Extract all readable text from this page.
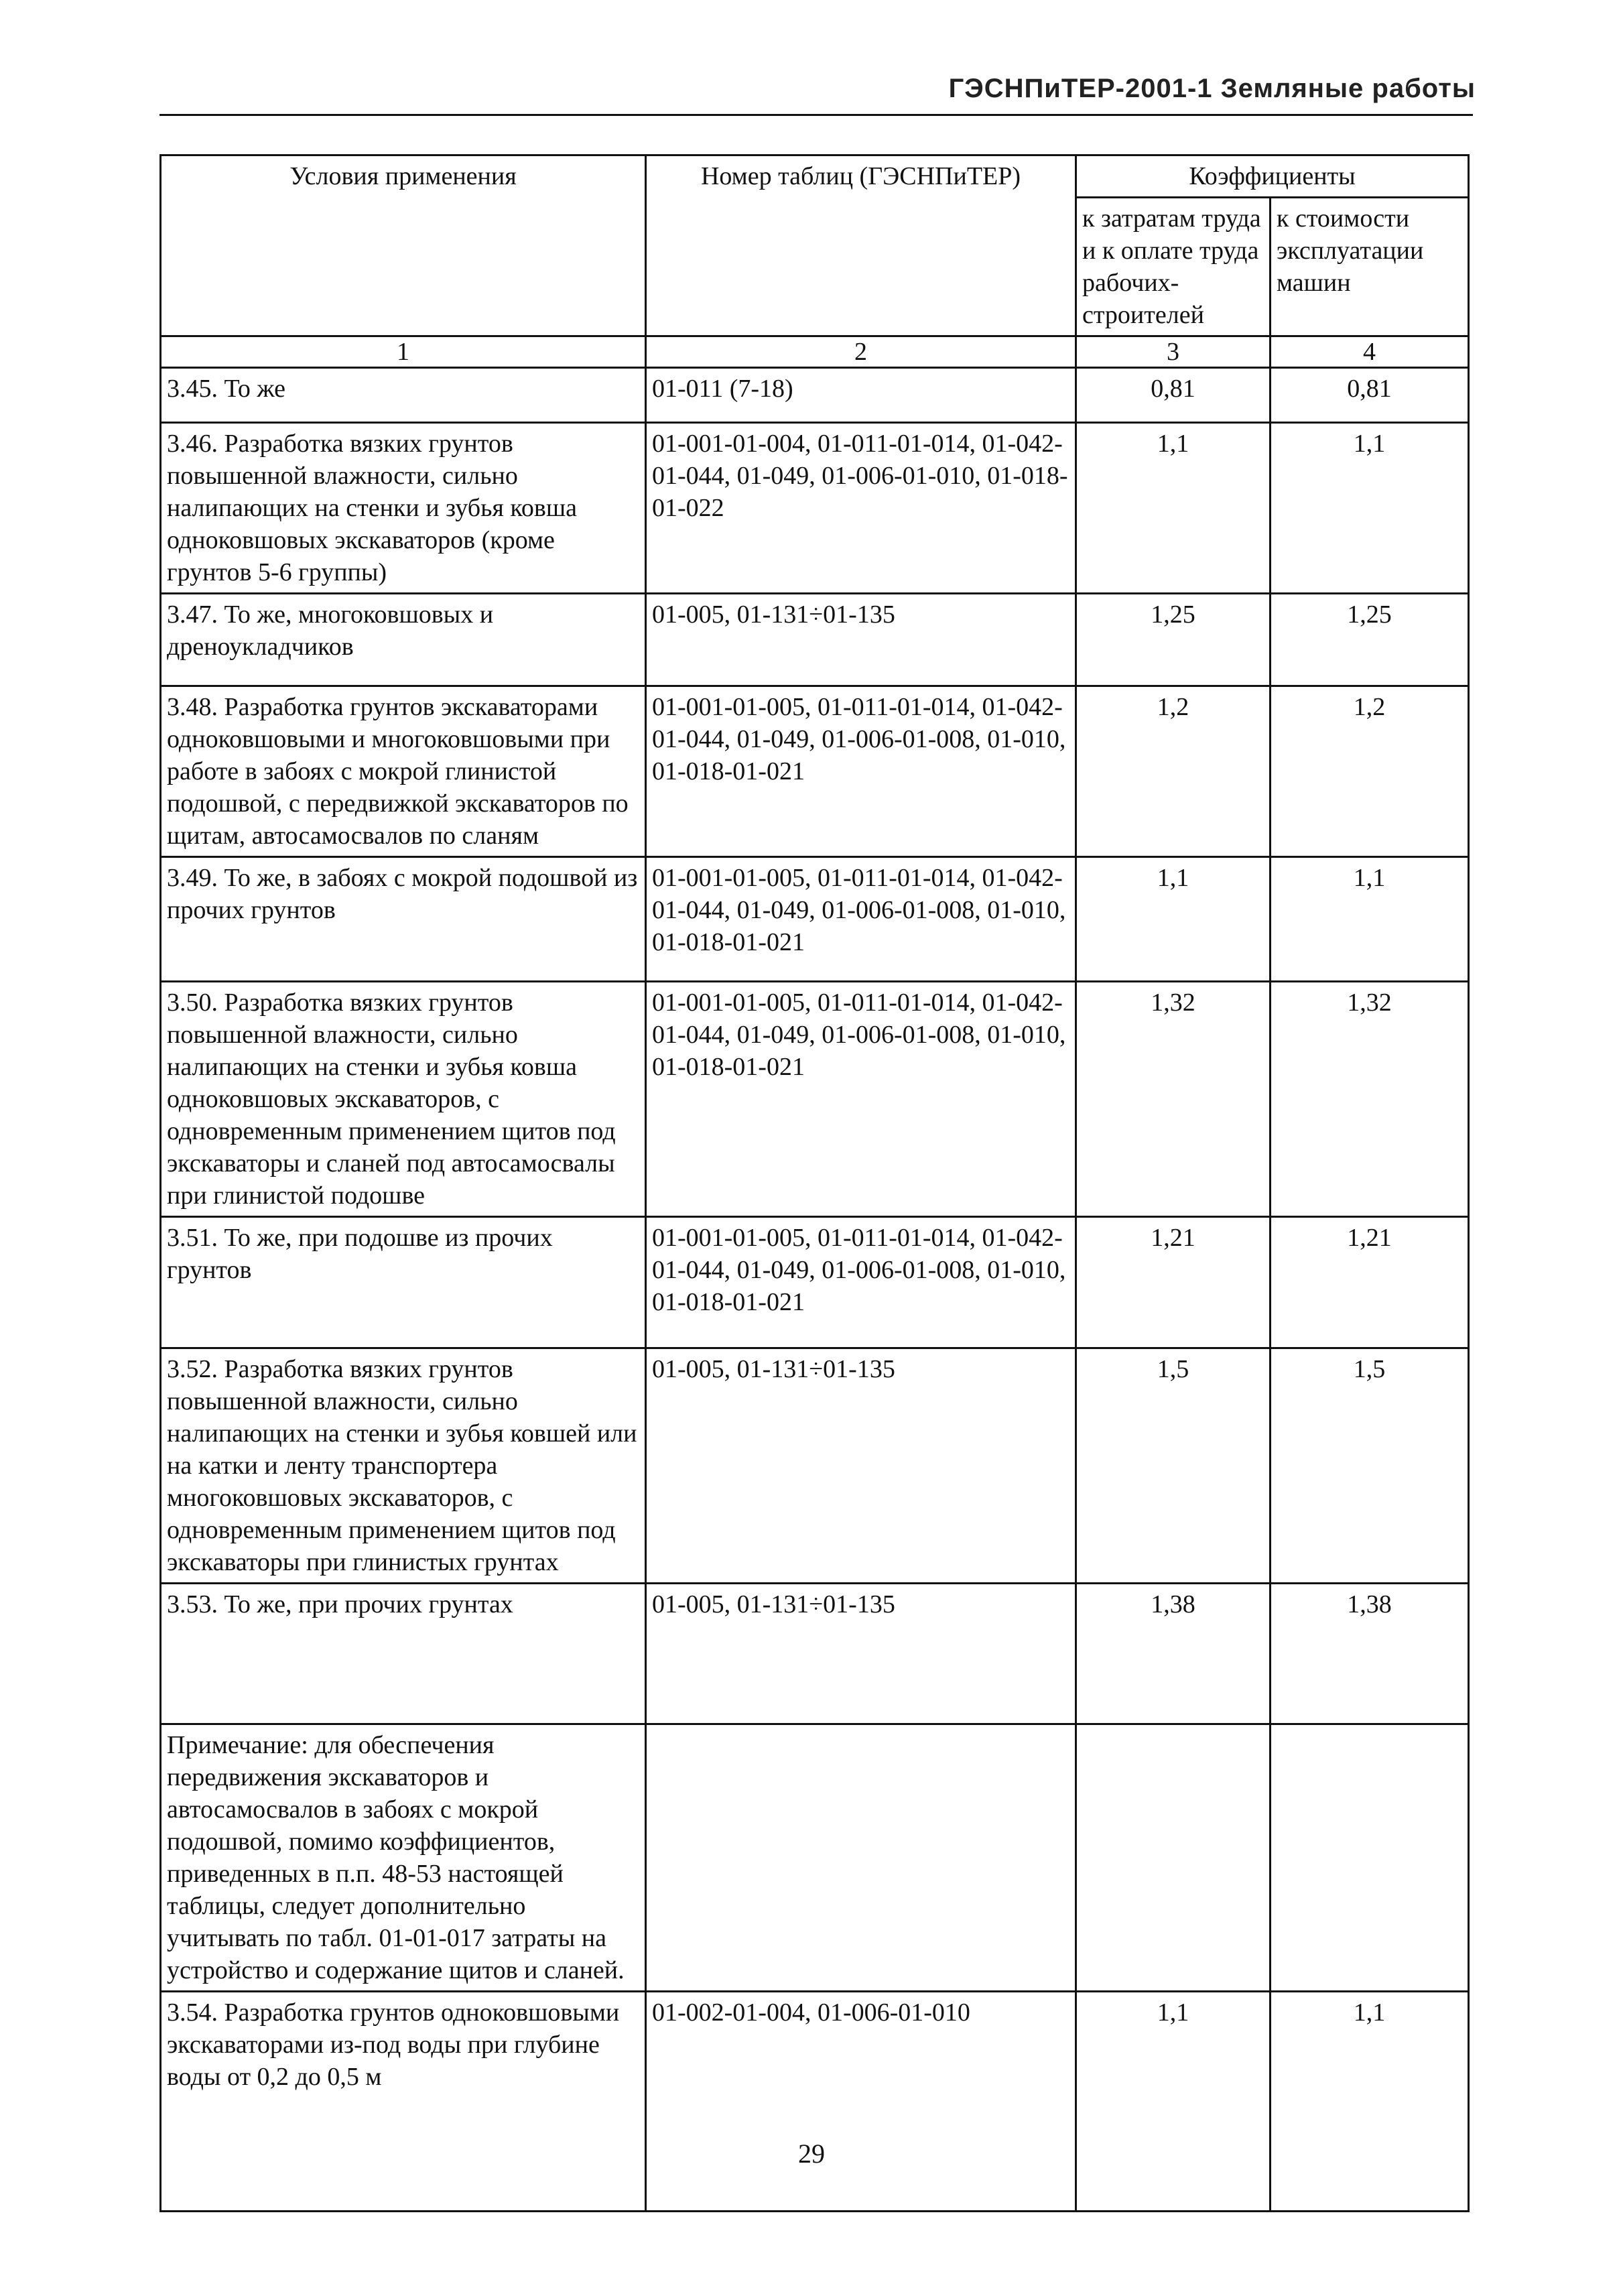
ГЭСНПиТЕР-2001-1 Земляные работы
Условия применения	Номер таблиц (ГЭСНПиТЕР)	Коэффициенты	
		к затратам труда и к оплате труда рабочих-строителей	к стоимости эксплуатации машин
1	2	3	4
3.45. То же	01-011 (7-18)	0,81	0,81
3.46. Разработка вязких грунтов повышенной влажности, сильно налипающих на стенки и зубья ковша одноковшовых экскаваторов (кроме грунтов 5-6 группы)	01-001-01-004, 01-011-01-014, 01-042-01-044, 01-049, 01-006-01-010, 01-018-01-022	1,1	1,1
3.47. То же, многоковшовых и дреноукладчиков	01-005, 01-131÷01-135	1,25	1,25
3.48. Разработка грунтов экскаваторами одноковшовыми и многоковшовыми при работе в забоях с мокрой глинистой подошвой, с передвижкой экскаваторов по щитам, автосамосвалов по сланям	01-001-01-005, 01-011-01-014, 01-042-01-044, 01-049, 01-006-01-008, 01-010, 01-018-01-021	1,2	1,2
3.49. То же, в забоях с мокрой подошвой из прочих грунтов	01-001-01-005, 01-011-01-014, 01-042-01-044, 01-049, 01-006-01-008, 01-010, 01-018-01-021	1,1	1,1
3.50. Разработка вязких грунтов повышенной влажности, сильно налипающих на стенки и зубья ковша одноковшовых экскаваторов, с одновременным применением щитов под экскаваторы и сланей под автосамосвалы при глинистой подошве	01-001-01-005, 01-011-01-014, 01-042-01-044, 01-049, 01-006-01-008, 01-010, 01-018-01-021	1,32	1,32
3.51. То же, при подошве из прочих грунтов	01-001-01-005, 01-011-01-014, 01-042-01-044, 01-049, 01-006-01-008, 01-010, 01-018-01-021	1,21	1,21
3.52. Разработка вязких грунтов повышенной влажности, сильно налипающих на стенки и зубья ковшей или на катки и ленту транспортера многоковшовых экскаваторов, с одновременным применением щитов под экскаваторы при глинистых грунтах	01-005, 01-131÷01-135	1,5	1,5
3.53. То же, при прочих грунтах	01-005, 01-131÷01-135	1,38	1,38
Примечание: для обеспечения передвижения экскаваторов и автосамосвалов в забоях с мокрой подошвой, помимо коэффициентов, приведенных в п.п. 48-53 настоящей таблицы, следует дополнительно учитывать по табл. 01-01-017 затраты на устройство и содержание щитов и сланей.			
3.54. Разработка грунтов одноковшовыми экскаваторами из-под воды при глубине воды от 0,2 до 0,5 м	01-002-01-004, 01-006-01-010	1,1	1,1
29
